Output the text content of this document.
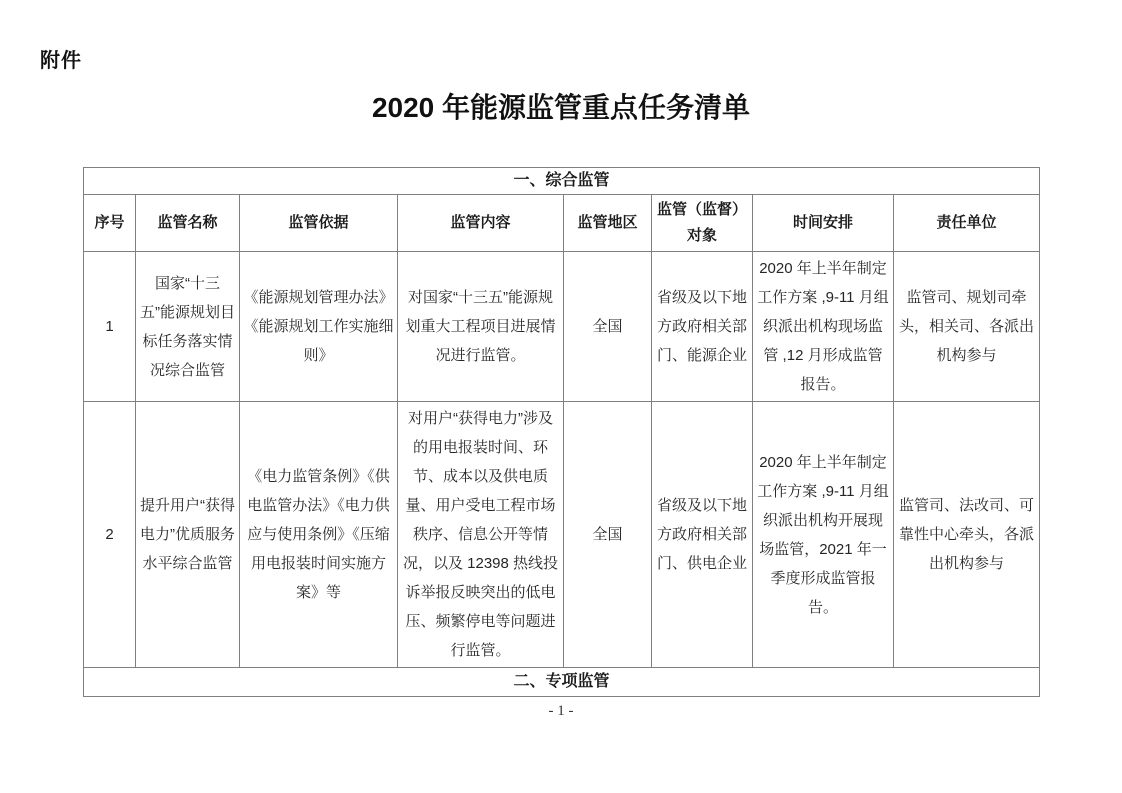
附件
2020 年能源监管重点任务清单
一、综合监管							
序号	监管名称	监管依据	监管内容	监管地区	监管（监督）对象	时间安排	责任单位
1	国家“十三五”能源规划目标任务落实情况综合监管	《能源规划管理办法》《能源规划工作实施细则》	对国家“十三五”能源规划重大工程项目进展情况进行监管。	全国	省级及以下地方政府相关部门、能源企业	2020 年上半年制定工作方案 ,9-11 月组织派出机构现场监管 ,12 月形成监管报告。	监管司、规划司牵头，相关司、各派出机构参与
2	提升用户“获得电力”优质服务水平综合监管	《电力监管条例》《供电监管办法》《电力供应与使用条例》《压缩用电报装时间实施方案》等	对用户“获得电力”涉及的用电报装时间、环节、成本以及供电质量、用户受电工程市场秩序、信息公开等情况，以及 12398 热线投诉举报反映突出的低电压、频繁停电等问题进行监管。	全国	省级及以下地方政府相关部门、供电企业	2020 年上半年制定工作方案 ,9-11 月组织派出机构开展现场监管，2021 年一季度形成监管报告。	监管司、法改司、可靠性中心牵头，各派出机构参与
二、专项监管							
- 1 -
